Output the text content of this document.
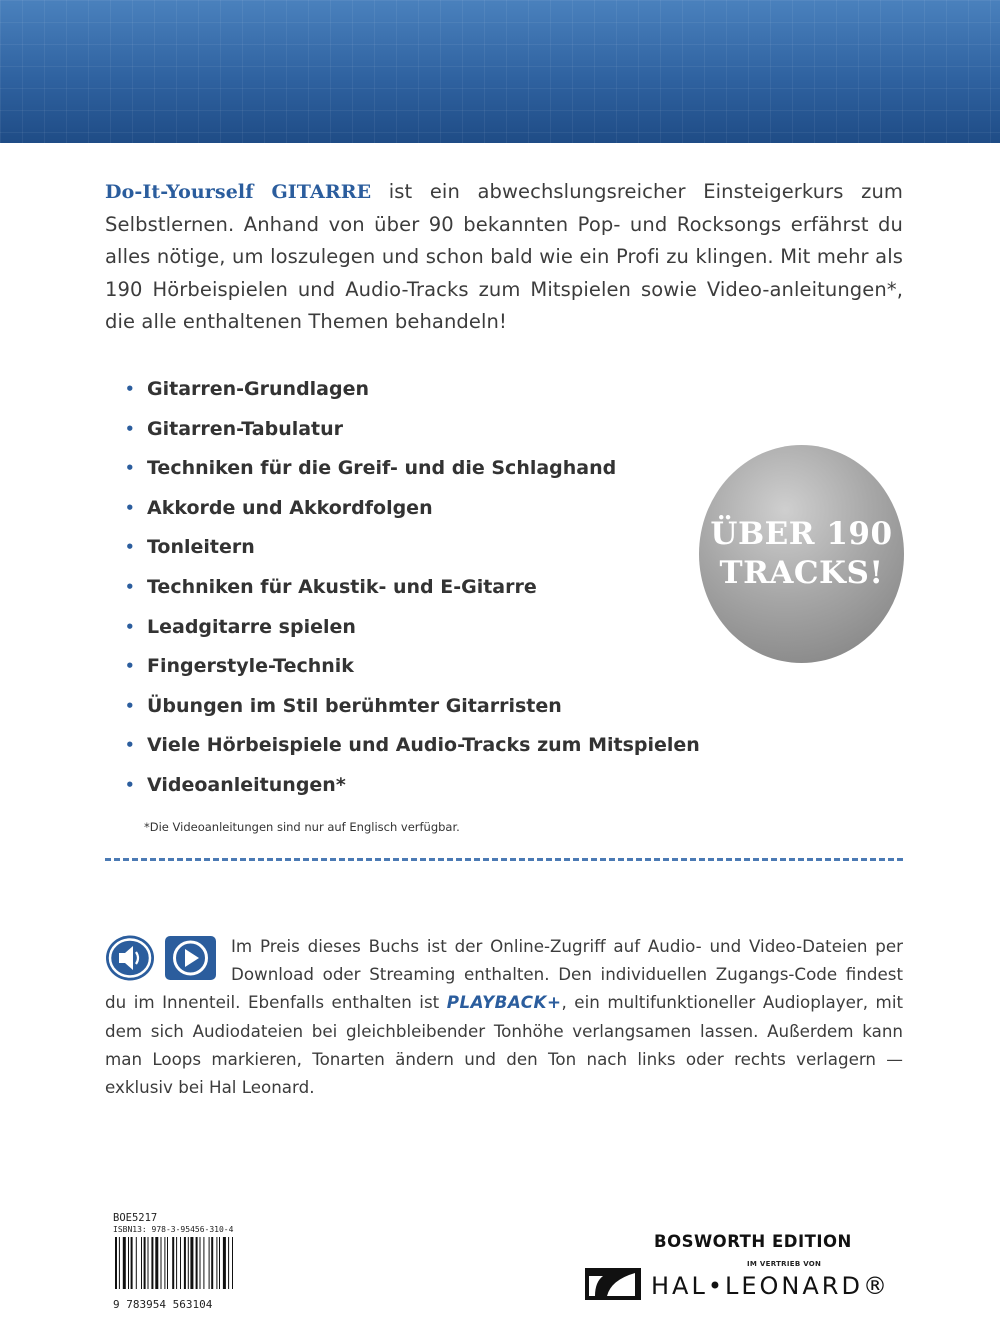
Do-It-Yourself GITARRE ist ein abwechslungsreicher Einsteigerkurs zum Selbstlernen. Anhand von über 90 bekannten Pop- und Rocksongs erfährst du alles nötige, um loszulegen und schon bald wie ein Profi zu klingen. Mit mehr als 190 Hörbeispielen und Audio-Tracks zum Mitspielen sowie Video-anleitungen*, die alle enthaltenen Themen behandeln!

• Gitarren-Grundlagen
• Gitarren-Tabulatur
• Techniken für die Greif- und die Schlaghand
• Akkorde und Akkordfolgen
• Tonleitern
• Techniken für Akustik- und E-Gitarre
• Leadgitarre spielen
• Fingerstyle-Technik
• Übungen im Stil berühmter Gitarristen
• Viele Hörbeispiele und Audio-Tracks zum Mitspielen
• Videoanleitungen*

*Die Videoanleitungen sind nur auf Englisch verfügbar.

ÜBER 190
TRACKS!

Im Preis dieses Buchs ist der Online-Zugriff auf Audio- und Video-Dateien per Download oder Streaming enthalten. Den individuellen Zugangs-Code findest du im Innenteil. Ebenfalls enthalten ist PLAYBACK+, ein multifunktioneller Audioplayer, mit dem sich Audiodateien bei gleichbleibender Tonhöhe verlangsamen lassen. Außerdem kann man Loops markieren, Tonarten ändern und den Ton nach links oder rechts verlagern — exklusiv bei Hal Leonard.

BOE5217
ISBN13: 978-3-95456-310-4
9 783954 563104
BOSWORTH EDITION
IM VERTRIEB VON
HAL•LEONARD®
